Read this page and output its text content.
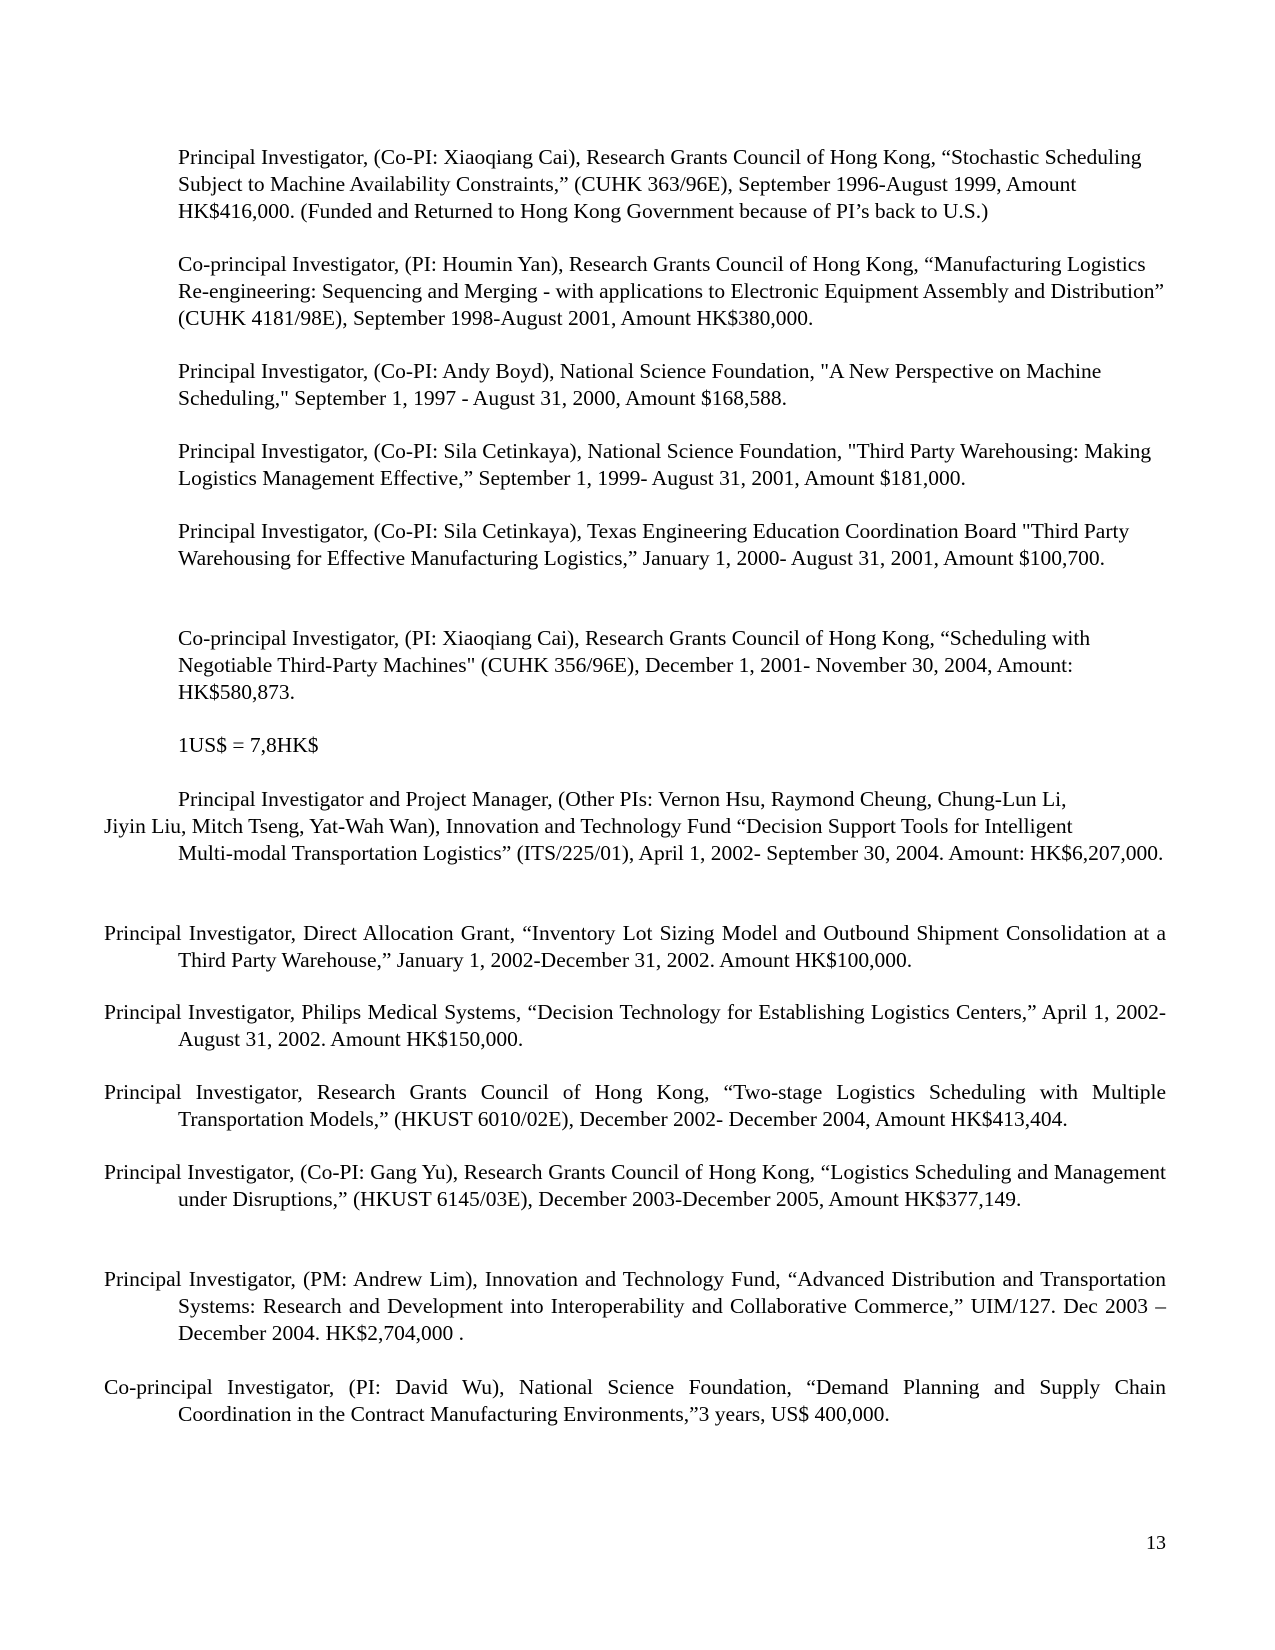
Principal Investigator, (Co-PI: Xiaoqiang Cai), Research Grants Council of Hong Kong, “Stochastic Scheduling Subject to Machine Availability Constraints,” (CUHK 363/96E), September 1996-August 1999, Amount HK$416,000. (Funded and Returned to Hong Kong Government because of PI’s back to U.S.)

Co-principal Investigator, (PI: Houmin Yan), Research Grants Council of Hong Kong, “Manufacturing Logistics Re-engineering: Sequencing and Merging - with applications to Electronic Equipment Assembly and Distribution” (CUHK 4181/98E), September 1998-August 2001, Amount HK$380,000.

Principal Investigator, (Co-PI: Andy Boyd), National Science Foundation, "A New Perspective on Machine Scheduling," September 1, 1997 - August 31, 2000, Amount $168,588.

Principal Investigator, (Co-PI: Sila Cetinkaya), National Science Foundation, "Third Party Warehousing: Making Logistics Management Effective,” September 1, 1999- August 31, 2001, Amount $181,000.

Principal Investigator, (Co-PI: Sila Cetinkaya), Texas Engineering Education Coordination Board "Third Party Warehousing for Effective Manufacturing Logistics,” January 1, 2000- August 31, 2001, Amount $100,700.

Co-principal Investigator, (PI: Xiaoqiang Cai), Research Grants Council of Hong Kong, “Scheduling with Negotiable Third-Party Machines" (CUHK 356/96E), December 1, 2001- November 30, 2004, Amount: HK$580,873.

1US$ = 7,8HK$

Principal Investigator and Project Manager, (Other PIs: Vernon Hsu, Raymond Cheung, Chung-Lun Li,
Jiyin Liu, Mitch Tseng, Yat-Wah Wan), Innovation and Technology Fund “Decision Support Tools for Intelligent
Multi-modal Transportation Logistics” (ITS/225/01), April 1, 2002- September 30, 2004. Amount: HK$6,207,000.

Principal Investigator, Direct Allocation Grant, “Inventory Lot Sizing Model and Outbound Shipment Consolidation at a Third Party Warehouse,” January 1, 2002-December 31, 2002. Amount HK$100,000.

Principal Investigator, Philips Medical Systems, “Decision Technology for Establishing Logistics Centers,” April 1, 2002- August 31, 2002. Amount HK$150,000.

Principal Investigator, Research Grants Council of Hong Kong, “Two-stage Logistics Scheduling with Multiple Transportation Models,” (HKUST 6010/02E), December 2002- December 2004, Amount HK$413,404.

Principal Investigator, (Co-PI: Gang Yu), Research Grants Council of Hong Kong, “Logistics Scheduling and Management under Disruptions,” (HKUST 6145/03E), December 2003-December 2005, Amount HK$377,149.

Principal Investigator, (PM: Andrew Lim), Innovation and Technology Fund, “Advanced Distribution and Transportation Systems: Research and Development into Interoperability and Collaborative Commerce,” UIM/127. Dec 2003 –December 2004. HK$2,704,000 .

Co-principal Investigator, (PI: David Wu), National Science Foundation, “Demand Planning and Supply Chain Coordination in the Contract Manufacturing Environments,”3 years, US$ 400,000.

13
